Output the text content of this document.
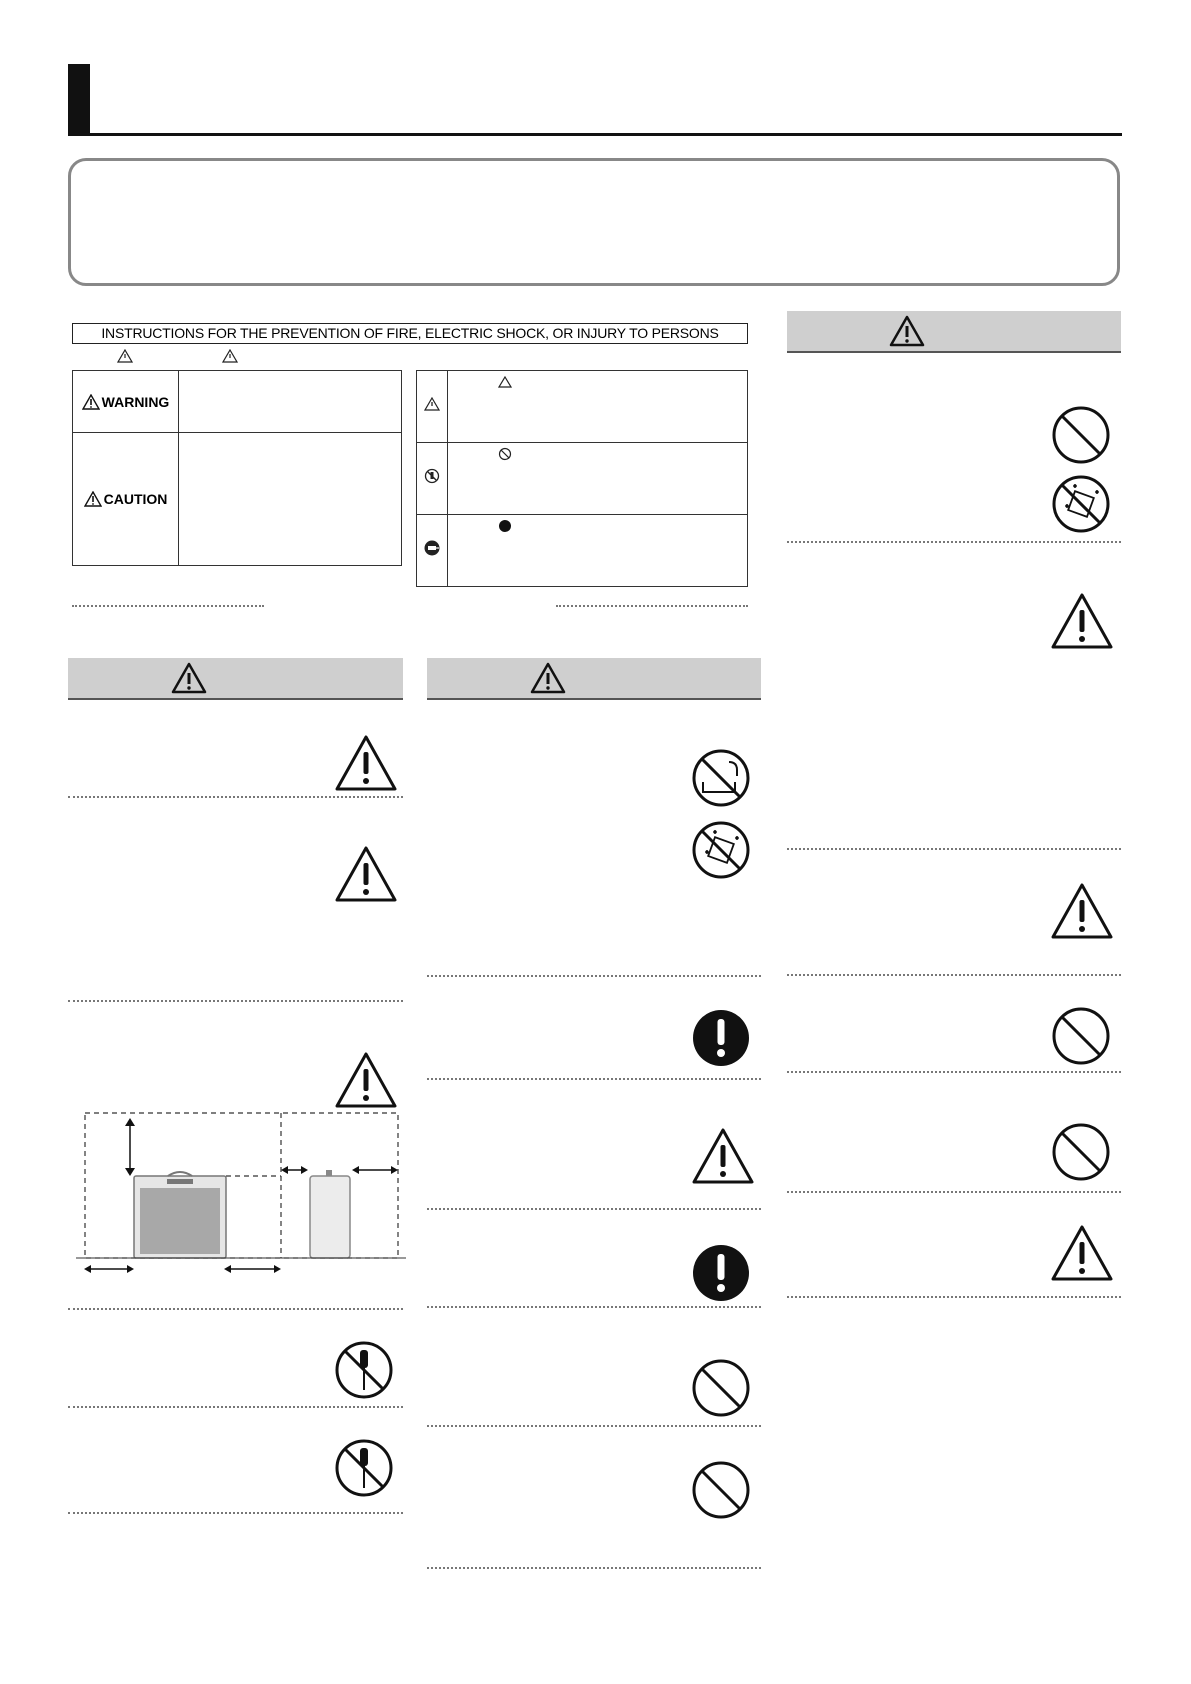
INSTRUCTIONS FOR THE PREVENTION OF FIRE, ELECTRIC SHOCK, OR INJURY TO PERSONS
WARNING	

CAUTION	
